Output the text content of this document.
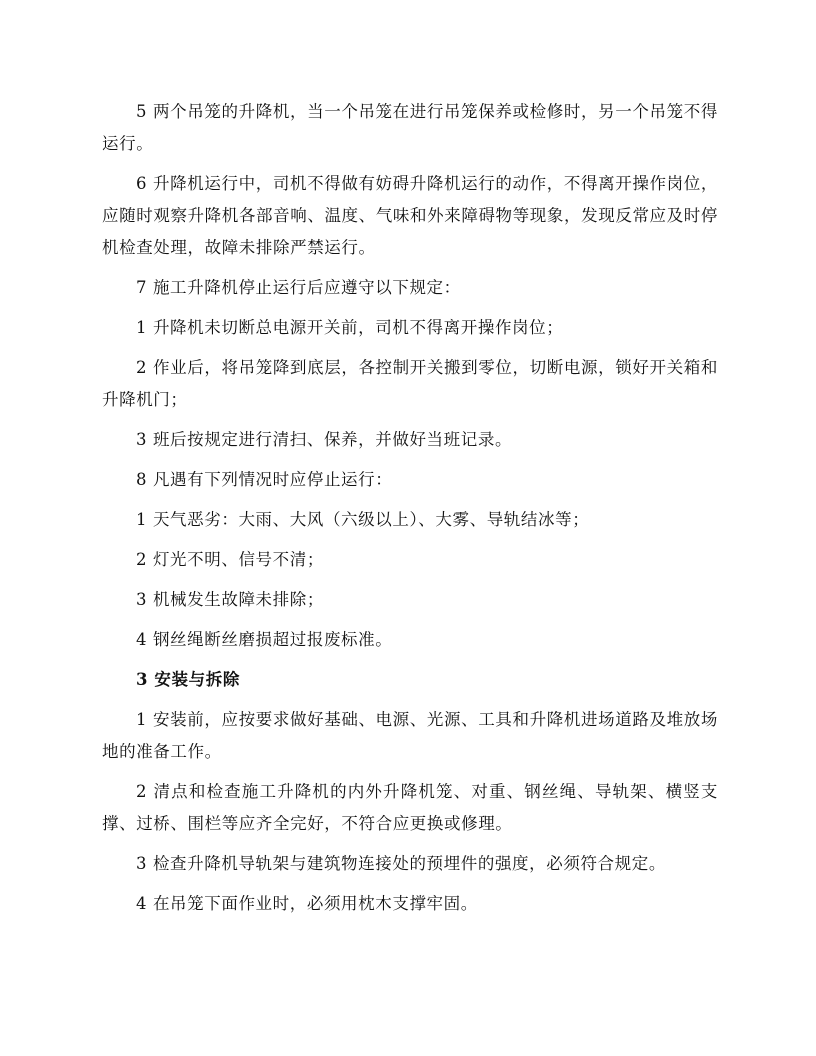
5 两个吊笼的升降机，当一个吊笼在进行吊笼保养或检修时，另一个吊笼不得运行。

6 升降机运行中，司机不得做有妨碍升降机运行的动作，不得离开操作岗位，应随时观察升降机各部音响、温度、气味和外来障碍物等现象，发现反常应及时停机检查处理，故障未排除严禁运行。

7 施工升降机停止运行后应遵守以下规定：

1 升降机未切断总电源开关前，司机不得离开操作岗位；

2 作业后，将吊笼降到底层，各控制开关搬到零位，切断电源，锁好开关箱和升降机门；

3 班后按规定进行清扫、保养，并做好当班记录。

8 凡遇有下列情况时应停止运行：

1 天气恶劣：大雨、大风（六级以上）、大雾、导轨结冰等；

2 灯光不明、信号不清；

3 机械发生故障未排除；

4 钢丝绳断丝磨损超过报废标准。

3 安装与拆除

1 安装前，应按要求做好基础、电源、光源、工具和升降机进场道路及堆放场地的准备工作。

2 清点和检查施工升降机的内外升降机笼、对重、钢丝绳、导轨架、横竖支撑、过桥、围栏等应齐全完好，不符合应更换或修理。

3 检查升降机导轨架与建筑物连接处的预埋件的强度，必须符合规定。

4 在吊笼下面作业时，必须用枕木支撑牢固。
